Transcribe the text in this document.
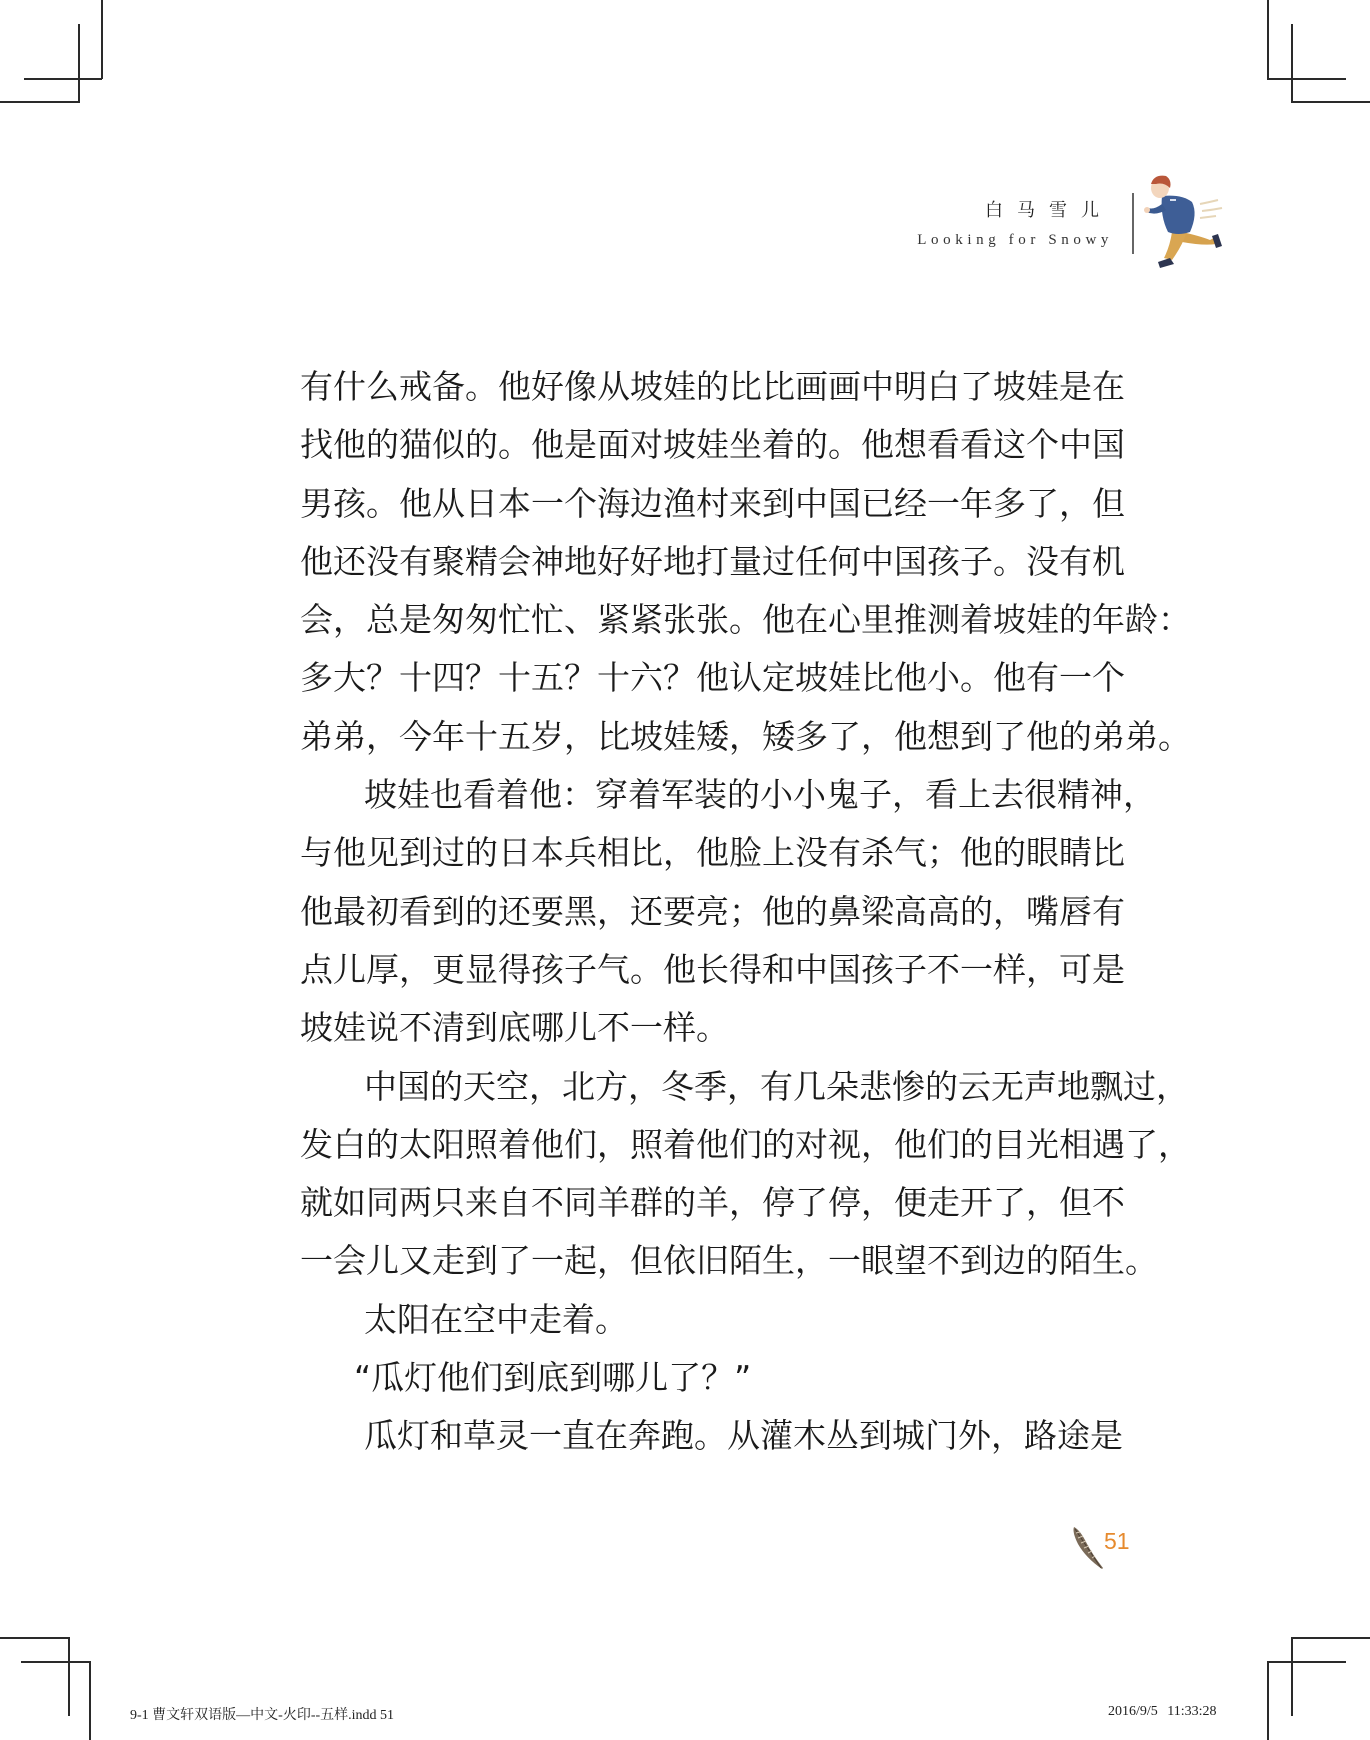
白马雪儿
Looking for Snowy
有什么戒备。他好像从坡娃的比比画画中明白了坡娃是在
找他的猫似的。他是面对坡娃坐着的。他想看看这个中国
男孩。他从日本一个海边渔村来到中国已经一年多了，但
他还没有聚精会神地好好地打量过任何中国孩子。没有机
会，总是匆匆忙忙、紧紧张张。他在心里推测着坡娃的年龄：
多大？十四？十五？十六？他认定坡娃比他小。他有一个
弟弟，今年十五岁，比坡娃矮，矮多了，他想到了他的弟弟。
坡娃也看着他：穿着军装的小小鬼子，看上去很精神，
与他见到过的日本兵相比，他脸上没有杀气；他的眼睛比
他最初看到的还要黑，还要亮；他的鼻梁高高的，嘴唇有
点儿厚，更显得孩子气。他长得和中国孩子不一样，可是
坡娃说不清到底哪儿不一样。
中国的天空，北方，冬季，有几朵悲惨的云无声地飘过，
发白的太阳照着他们，照着他们的对视，他们的目光相遇了，
就如同两只来自不同羊群的羊，停了停，便走开了，但不
一会儿又走到了一起，但依旧陌生，一眼望不到边的陌生。
太阳在空中走着。
“瓜灯他们到底到哪儿了？”
瓜灯和草灵一直在奔跑。从灌木丛到城门外，路途是
51
9-1 曹文轩双语版—中文-火印--五样.indd 51	2016/9/5 11:33:28
